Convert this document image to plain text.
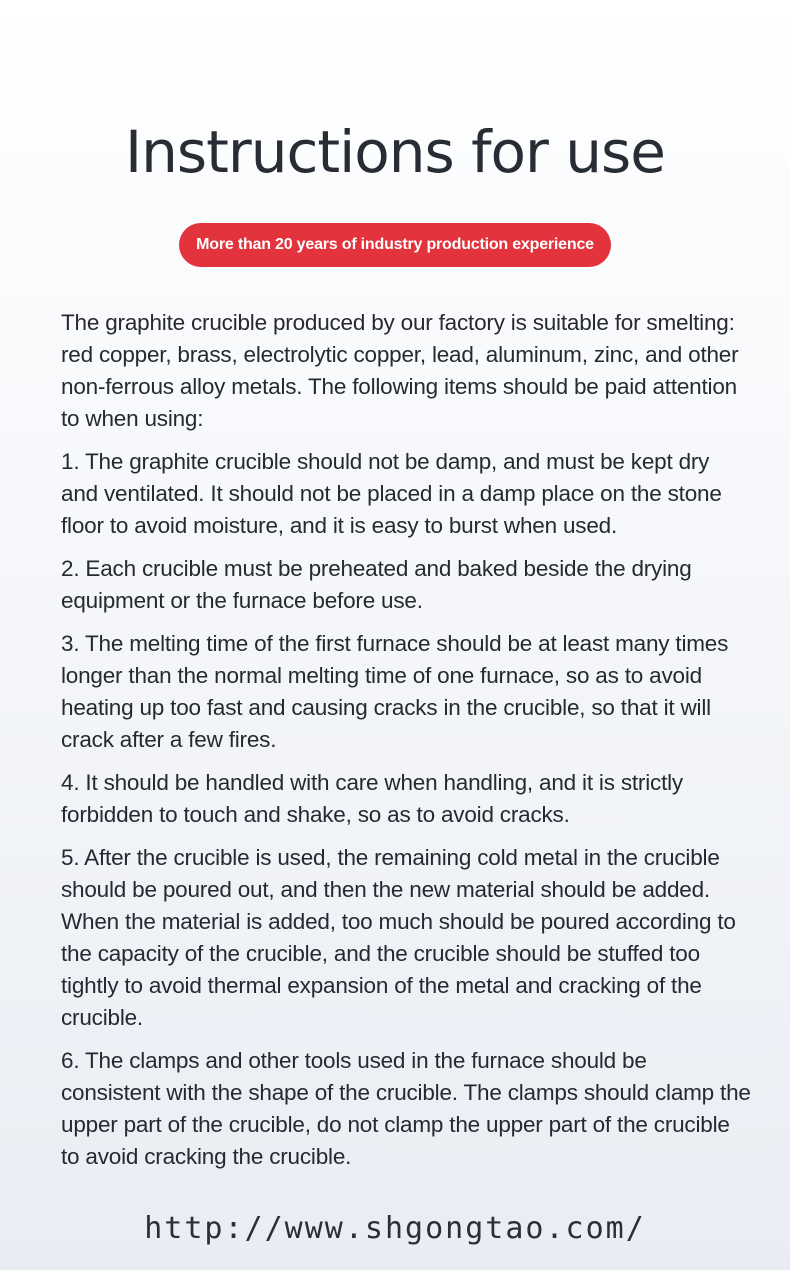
Instructions for use
More than 20 years of industry production experience

The graphite crucible produced by our factory is suitable for smelting: red copper, brass, electrolytic copper, lead, aluminum, zinc, and other non-ferrous alloy metals. The following items should be paid attention to when using:

1. The graphite crucible should not be damp, and must be kept dry and ventilated. It should not be placed in a damp place on the stone floor to avoid moisture, and it is easy to burst when used.

2. Each crucible must be preheated and baked beside the drying equipment or the furnace before use.

3. The melting time of the first furnace should be at least many times longer than the normal melting time of one furnace, so as to avoid heating up too fast and causing cracks in the crucible, so that it will crack after a few fires.

4. It should be handled with care when handling, and it is strictly forbidden to touch and shake, so as to avoid cracks.

5. After the crucible is used, the remaining cold metal in the crucible should be poured out, and then the new material should be added. When the material is added, too much should be poured according to the capacity of the crucible, and the crucible should be stuffed too tightly to avoid thermal expansion of the metal and cracking of the crucible.

6. The clamps and other tools used in the furnace should be consistent with the shape of the crucible. The clamps should clamp the upper part of the crucible, do not clamp the upper part of the crucible to avoid cracking the crucible.

http://www.shgongtao.com/
